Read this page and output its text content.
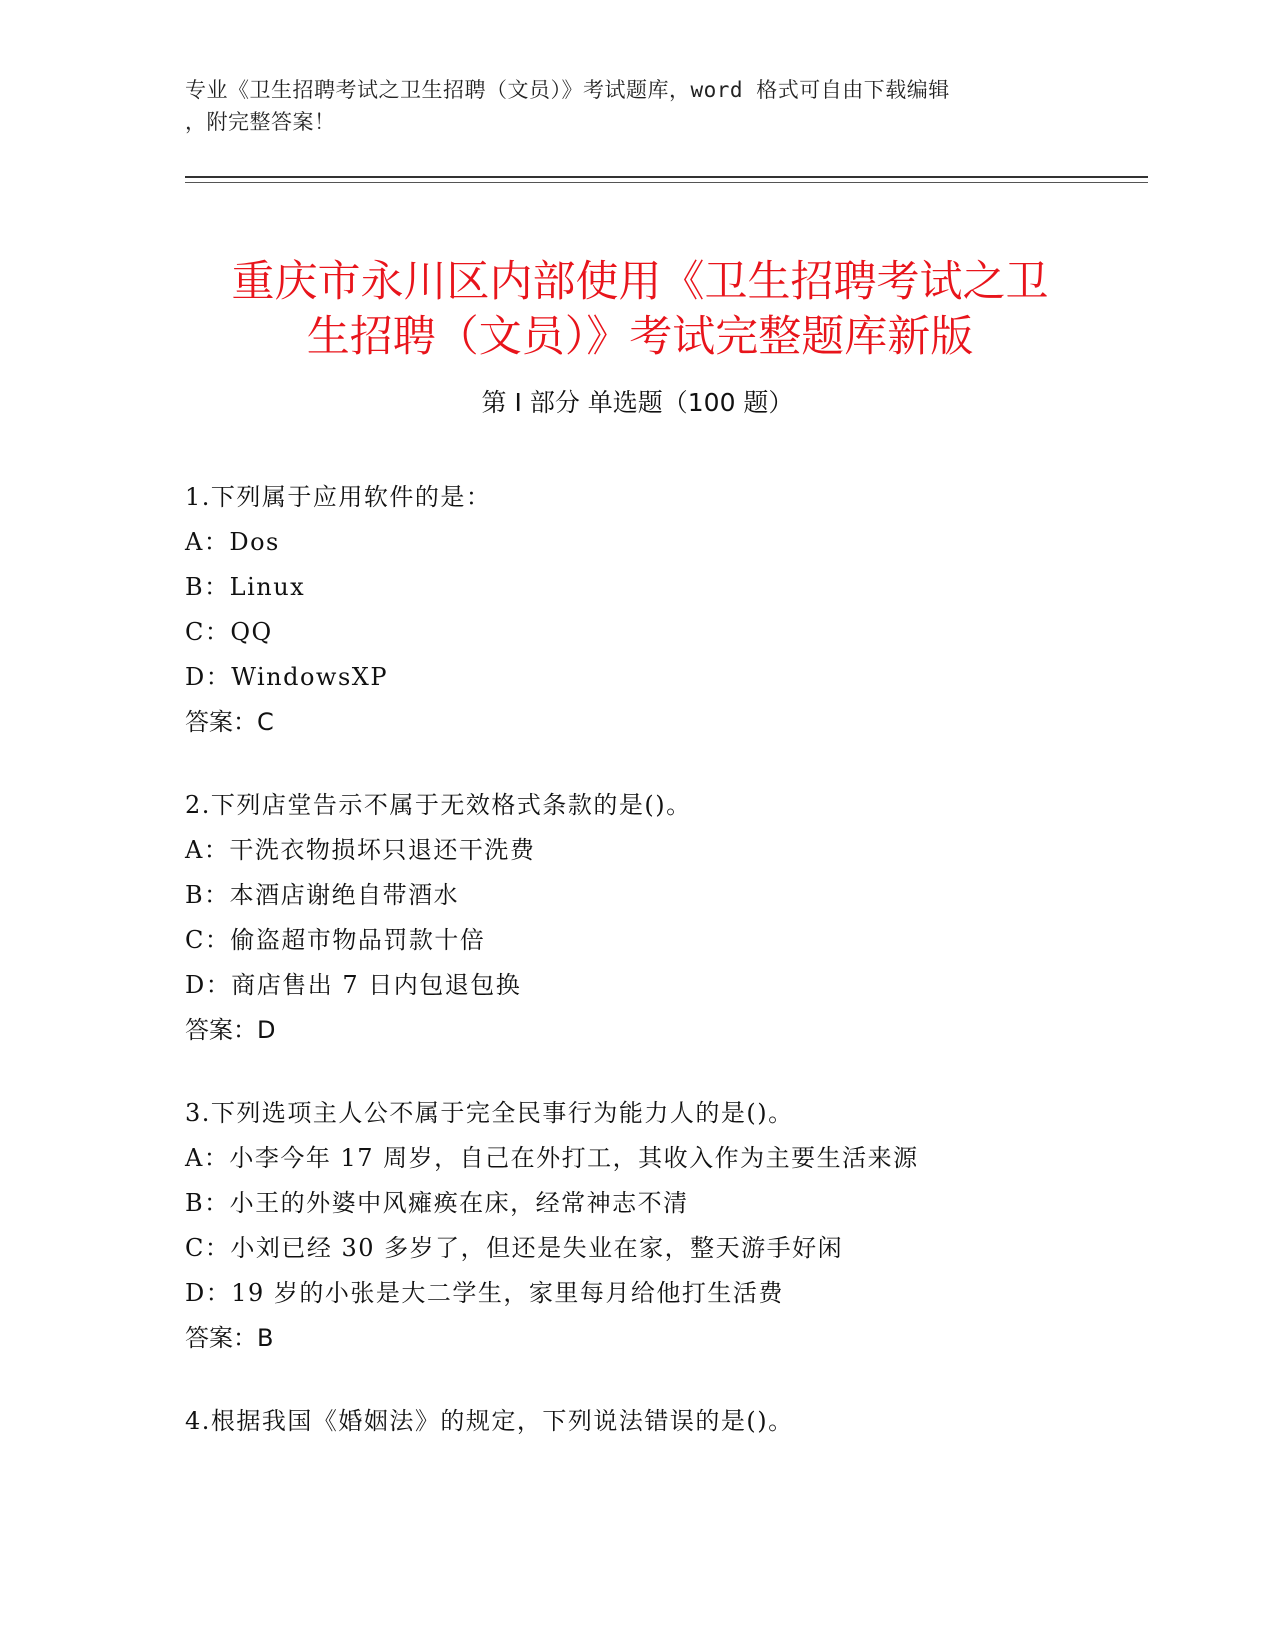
专业《卫生招聘考试之卫生招聘（文员）》考试题库，word 格式可自由下载编辑
，附完整答案！
重庆市永川区内部使用《卫生招聘考试之卫
生招聘（文员）》考试完整题库新版
第 I 部分 单选题（100 题）
1.下列属于应用软件的是：
A：Dos
B：Linux
C：QQ
D：WindowsXP
答案：C
2.下列店堂告示不属于无效格式条款的是()。
A：干洗衣物损坏只退还干洗费
B：本酒店谢绝自带酒水
C：偷盗超市物品罚款十倍
D：商店售出 7 日内包退包换
答案：D
3.下列选项主人公不属于完全民事行为能力人的是()。
A：小李今年 17 周岁，自己在外打工，其收入作为主要生活来源
B：小王的外婆中风瘫痪在床，经常神志不清
C：小刘已经 30 多岁了，但还是失业在家，整天游手好闲
D：19 岁的小张是大二学生，家里每月给他打生活费
答案：B
4.根据我国《婚姻法》的规定，下列说法错误的是()。
